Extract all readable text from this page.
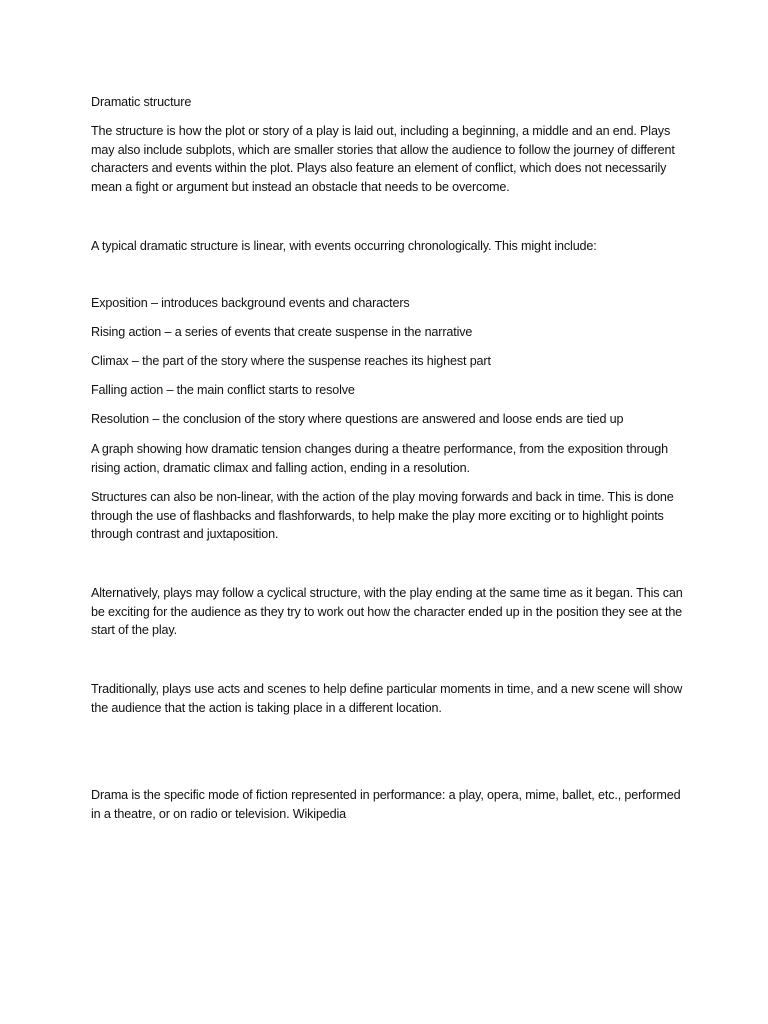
Dramatic structure

The structure is how the plot or story of a play is laid out, including a beginning, a middle and an end. Plays may also include subplots, which are smaller stories that allow the audience to follow the journey of different characters and events within the plot. Plays also feature an element of conflict, which does not necessarily mean a fight or argument but instead an obstacle that needs to be overcome.

A typical dramatic structure is linear, with events occurring chronologically. This might include:

Exposition – introduces background events and characters

Rising action – a series of events that create suspense in the narrative

Climax – the part of the story where the suspense reaches its highest part

Falling action – the main conflict starts to resolve

Resolution – the conclusion of the story where questions are answered and loose ends are tied up

A graph showing how dramatic tension changes during a theatre performance, from the exposition through rising action, dramatic climax and falling action, ending in a resolution.

Structures can also be non-linear, with the action of the play moving forwards and back in time. This is done through the use of flashbacks and flashforwards, to help make the play more exciting or to highlight points through contrast and juxtaposition.

Alternatively, plays may follow a cyclical structure, with the play ending at the same time as it began. This can be exciting for the audience as they try to work out how the character ended up in the position they see at the start of the play.

Traditionally, plays use acts and scenes to help define particular moments in time, and a new scene will show the audience that the action is taking place in a different location.

Drama is the specific mode of fiction represented in performance: a play, opera, mime, ballet, etc., performed in a theatre, or on radio or television. Wikipedia
